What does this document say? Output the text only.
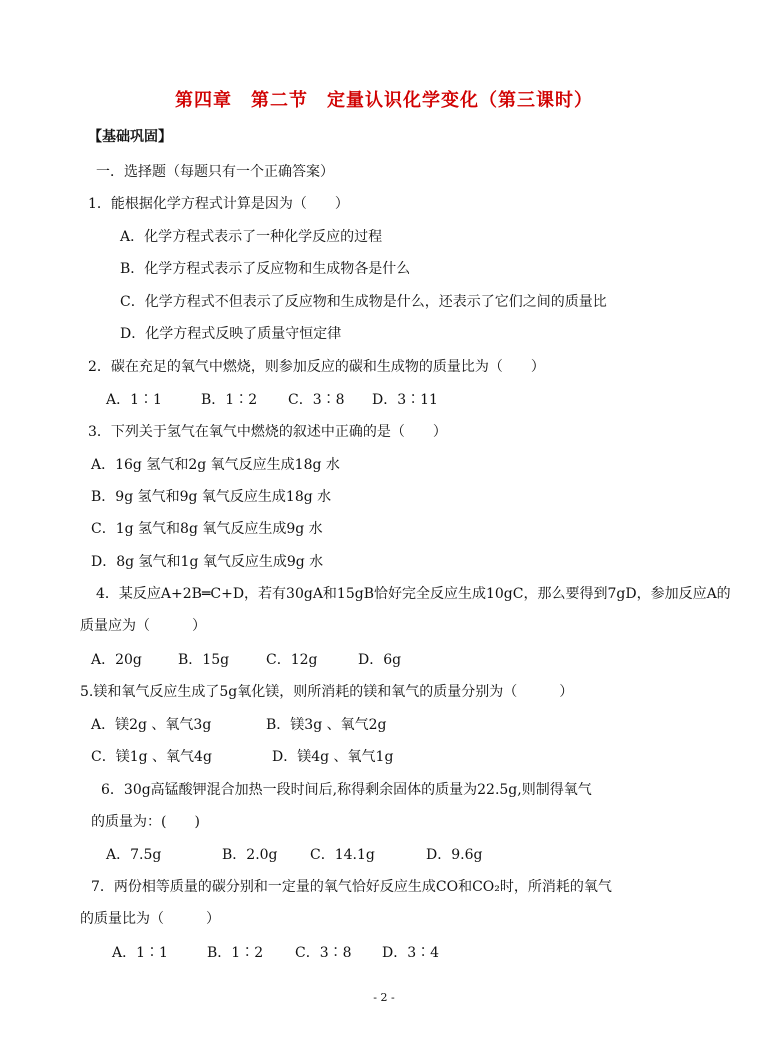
第四章　第二节　定量认识化学变化（第三课时）
【基础巩固】
一．选择题（每题只有一个正确答案）
1．能根据化学方程式计算是因为（　　）
A．化学方程式表示了一种化学反应的过程
B．化学方程式表示了反应物和生成物各是什么
C．化学方程式不但表示了反应物和生成物是什么，还表示了它们之间的质量比
D．化学方程式反映了质量守恒定律
2．碳在充足的氧气中燃烧，则参加反应的碳和生成物的质量比为（　　）
A．1∶1	B．1∶2 C．3∶8 D．3∶11
3．下列关于氢气在氧气中燃烧的叙述中正确的是（　　）
A．16g 氢气和2g 氧气反应生成18g 水
B．9g 氢气和9g 氧气反应生成18g 水
C．1g 氢气和8g 氧气反应生成9g 水
D．8g 氢气和1g 氧气反应生成9g 水
4．某反应A+2B═C+D，若有30gA和15gB恰好完全反应生成10gC，那么要得到7gD，参加反应A的
质量应为（　　　）
A．20g	B．15g	C．12g	D．6g
5.镁和氧气反应生成了5g氧化镁，则所消耗的镁和氧气的质量分别为（　　　）
A．镁2g 、氧气3g	B．镁3g 、氧气2g
C．镁1g 、氧气4g	D．镁4g 、氧气1g
6．30g高锰酸钾混合加热一段时间后,称得剩余固体的质量为22.5g,则制得氧气
的质量为：(　　)
A．7.5g	B．2.0g C．14.1g	D．9.6g
7．两份相等质量的碳分别和一定量的氧气恰好反应生成CO和CO₂时，所消耗的氧气
的质量比为（　　　）
A．1∶1	B．1∶2 C．3∶8 D．3∶4
- 2 -
